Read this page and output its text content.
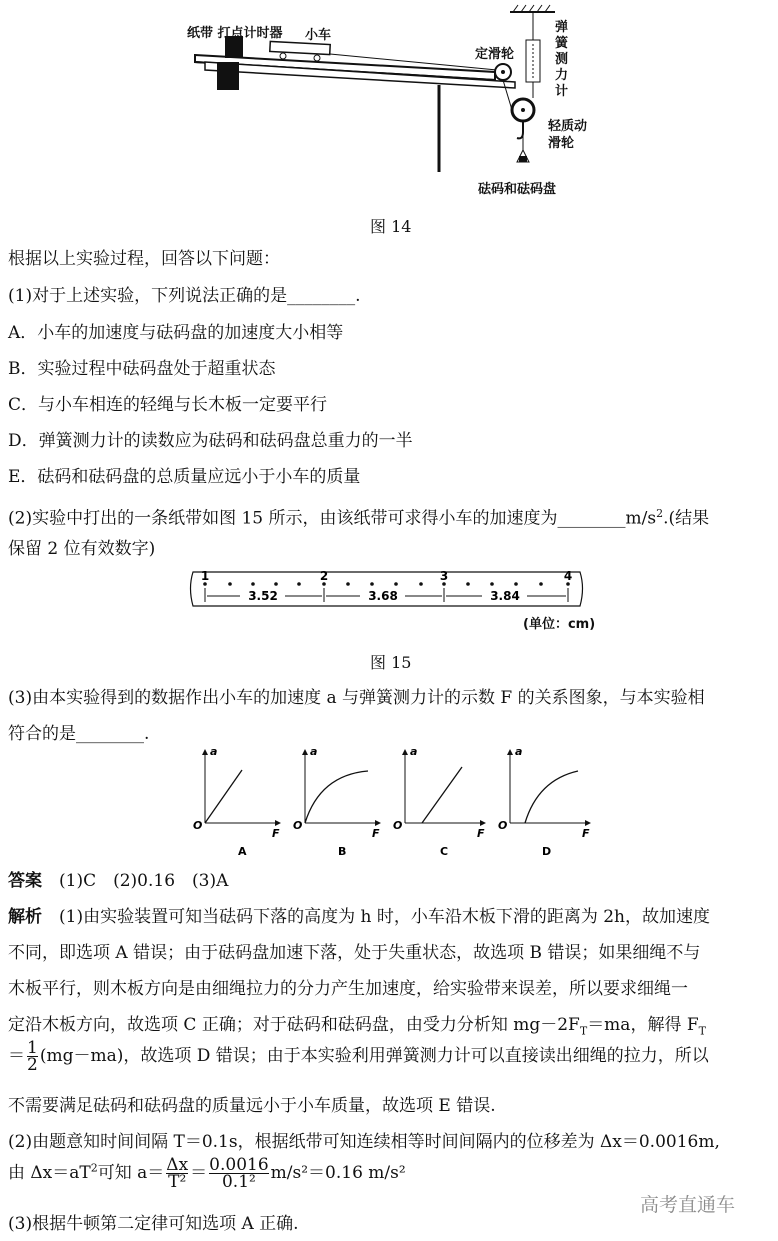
纸带 打点计时器 小车
定滑轮
弹簧测力计
轻质动滑轮
砝码和砝码盘
图 14
根据以上实验过程，回答以下问题：
(1)对于上述实验，下列说法正确的是________.
A．小车的加速度与砝码盘的加速度大小相等
B．实验过程中砝码盘处于超重状态
C．与小车相连的轻绳与长木板一定要平行
D．弹簧测力计的读数应为砝码和砝码盘总重力的一半
E．砝码和砝码盘的总质量应远小于小车的质量
(2)实验中打出的一条纸带如图 15 所示，由该纸带可求得小车的加速度为$\_\_\_\_\_\_\_\_m/s^2$.(结果
保留 2 位有效数字)
1	2	3	4
3.52	3.68	3.84
(单位：cm)
图 15
(3)由本实验得到的数据作出小车的加速度 a 与弹簧测力计的示数 F 的关系图象，与本实验相
符合的是________.
a
F
O
A
a
F
O
B
a
F
O
C
a
F
O
D
答案　 (1)C　(2)0.16　(3)A
解析　 (1)由实验装置可知当砝码下落的高度为 h 时，小车沿木板下滑的距离为 2h，故加速度
不同，即选项 A 错误；由于砝码盘加速下落，处于失重状态，故选项 B 错误；如果细绳不与
木板平行，则木板方向是由细绳拉力的分力产生加速度，给实验带来误差，所以要求细绳一
定沿木板方向，故选项 C 正确；对于砝码和砝码盘，由受力分析知 $mg-2F_T=ma$，解得 $F_T$
＝ $\frac{1}{2} (mg-ma)$，故选项 D 错误；由于本实验利用弹簧测力计可以直接读出细绳的拉力，所以
不需要满足砝码和砝码盘的质量远小于小车质量，故选项 E 错误.
(2)由题意知时间间隔 T＝0.1s，根据纸带可知连续相等时间间隔内的位移差为 Δx＝0.0016m,
由 $\Delta x=aT^2$可知 $a= \frac{\Delta x}{\text{T²}} = \frac{0.0016}{\text{0.1²}} m/s^2=0.16$ m/s²
高考直通车
(3)根据牛顿第二定律可知选项 A 正确.
